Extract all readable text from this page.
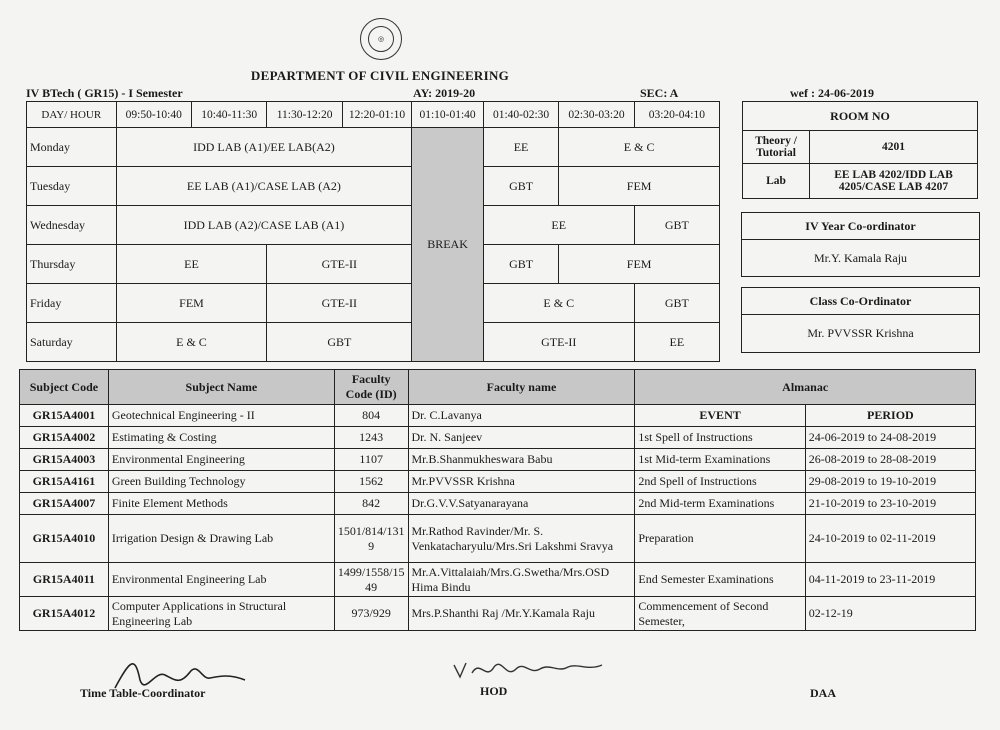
◎
DEPARTMENT OF CIVIL ENGINEERING
IV BTech ( GR15) - I Semester	AY: 2019-20	SEC: A	wef : 24-06-2019
DAY/ HOUR	09:50-10:40	10:40-11:30	11:30-12:20	12:20-01:10	01:10-01:40	01:40-02:30	02:30-03:20	03:20-04:10
Monday	IDD LAB (A1)/EE LAB(A2)				BREAK	EE	E & C	
Tuesday	EE LAB (A1)/CASE LAB (A2)					GBT	FEM	
Wednesday	IDD LAB (A2)/CASE LAB (A1)					EE		GBT
Thursday	EE		GTE-II			GBT	FEM	
Friday	FEM		GTE-II			E & C		GBT
Saturday	E & C		GBT			GTE-II		EE
ROOM NO	
Theory / Tutorial	4201
Lab	EE LAB 4202/IDD LAB 4205/CASE LAB 4207
IV Year Co-ordinator
Mr.Y. Kamala Raju
Class Co-Ordinator
Mr. PVVSSR Krishna
Subject Code	Subject Name	Faculty Code (ID)	Faculty name	Almanac	
GR15A4001	Geotechnical Engineering - II	804	Dr. C.Lavanya	EVENT	PERIOD
GR15A4002	Estimating & Costing	1243	Dr. N. Sanjeev	1st Spell of Instructions	24-06-2019 to 24-08-2019
GR15A4003	Environmental Engineering	1107	Mr.B.Shanmukheswara Babu	1st Mid-term Examinations	26-08-2019 to 28-08-2019
GR15A4161	Green Building Technology	1562	Mr.PVVSSR Krishna	2nd Spell of Instructions	29-08-2019 to 19-10-2019
GR15A4007	Finite Element Methods	842	Dr.G.V.V.Satyanarayana	2nd Mid-term Examinations	21-10-2019 to 23-10-2019
GR15A4010	Irrigation Design & Drawing Lab	1501/814/131 9	Mr.Rathod Ravinder/Mr. S. Venkatacharyulu/Mrs.Sri Lakshmi Sravya	Preparation	24-10-2019 to 02-11-2019
GR15A4011	Environmental Engineering Lab	1499/1558/15 49	Mr.A.Vittalaiah/Mrs.G.Swetha/Mrs.OSD Hima Bindu	End Semester Examinations	04-11-2019 to 23-11-2019
GR15A4012	Computer Applications in Structural Engineering Lab	973/929	Mrs.P.Shanthi Raj /Mr.Y.Kamala Raju	Commencement of Second Semester,	02-12-19
Time Table-Coordinator	HOD	DAA
